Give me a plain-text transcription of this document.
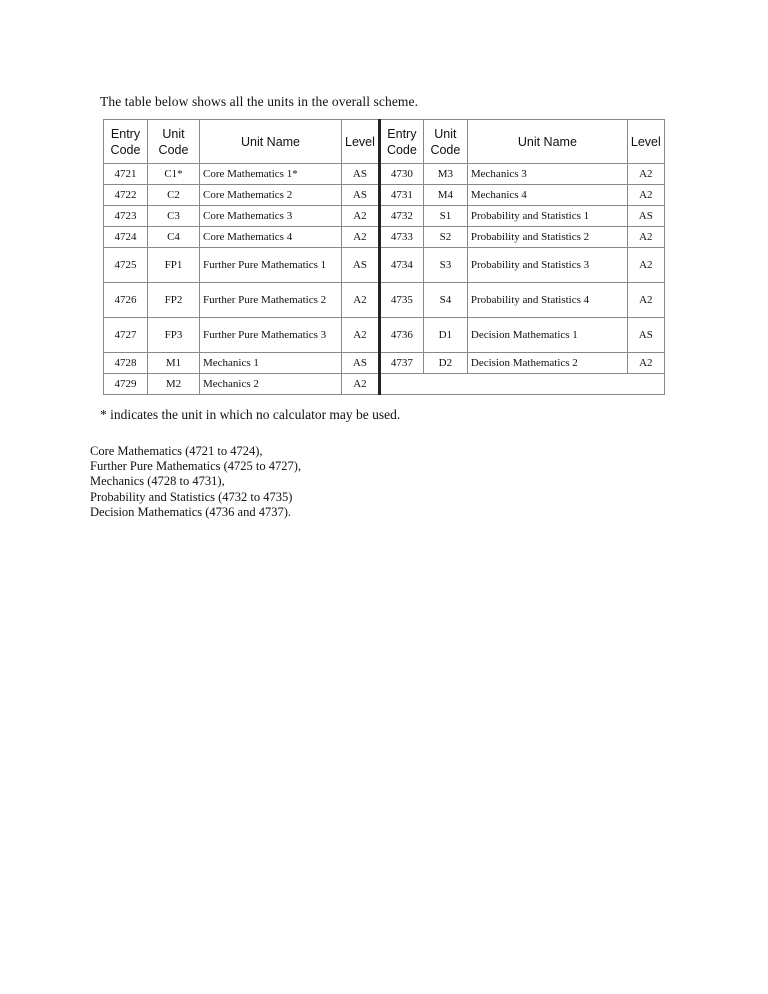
The table below shows all the units in the overall scheme.
Entry Code	Unit Code	Unit Name	Level	Entry Code	Unit Code	Unit Name	Level
4721	C1*	Core Mathematics 1*	AS	4730	M3	Mechanics 3	A2
4722	C2	Core Mathematics 2	AS	4731	M4	Mechanics 4	A2
4723	C3	Core Mathematics 3	A2	4732	S1	Probability and Statistics 1	AS
4724	C4	Core Mathematics 4	A2	4733	S2	Probability and Statistics 2	A2
4725	FP1	Further Pure Mathematics 1	AS	4734	S3	Probability and Statistics 3	A2
4726	FP2	Further Pure Mathematics 2	A2	4735	S4	Probability and Statistics 4	A2
4727	FP3	Further Pure Mathematics 3	A2	4736	D1	Decision Mathematics 1	AS
4728	M1	Mechanics 1	AS	4737	D2	Decision Mathematics 2	A2
4729	M2	Mechanics 2	A2				
* indicates the unit in which no calculator may be used.
Core Mathematics (4721 to 4724),
Further Pure Mathematics (4725 to 4727),
Mechanics (4728 to 4731),
Probability and Statistics (4732 to 4735)
Decision Mathematics (4736 and 4737).
